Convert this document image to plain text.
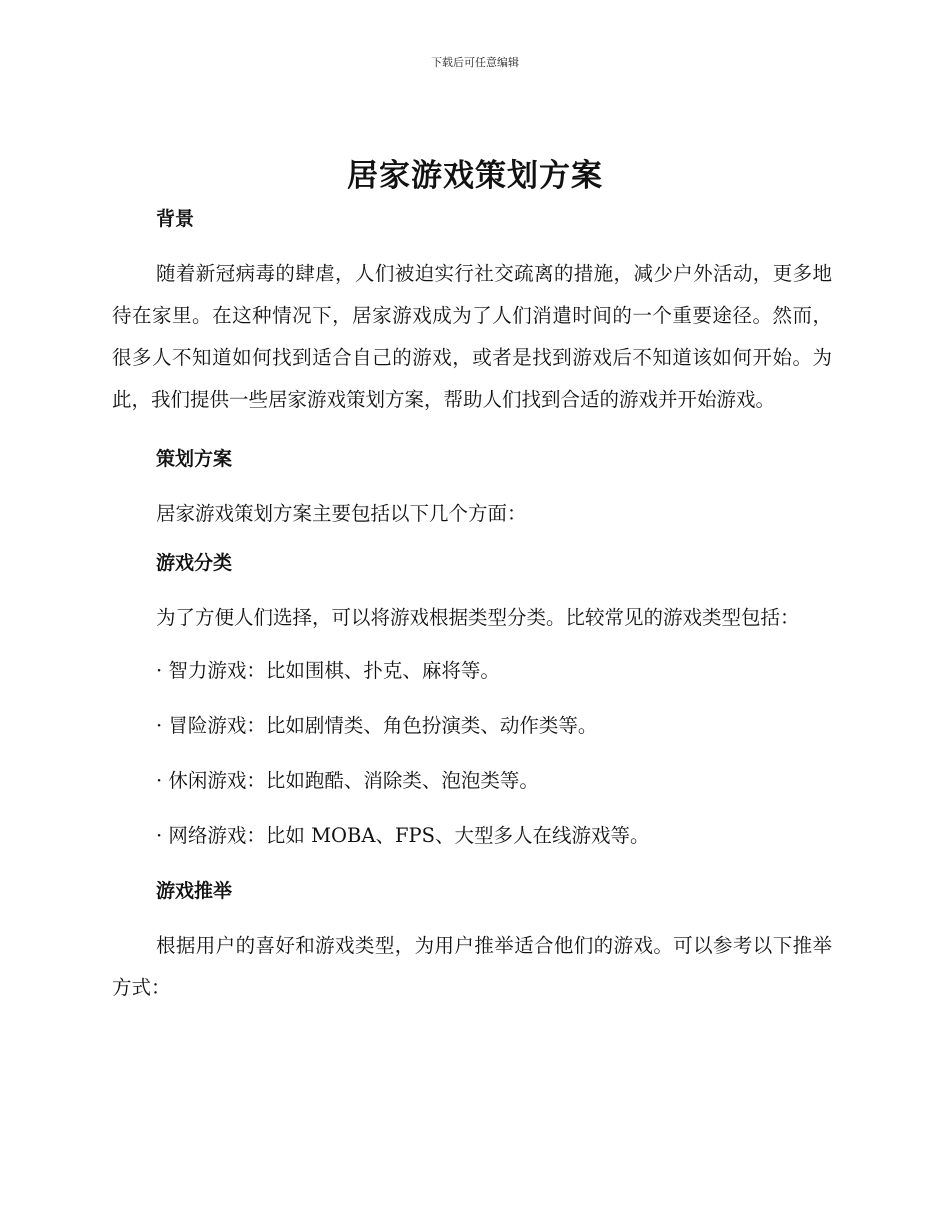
下载后可任意编辑
居家游戏策划方案
背景
随着新冠病毒的肆虐，人们被迫实行社交疏离的措施，减少户外活动，更多地待在家里。在这种情况下，居家游戏成为了人们消遣时间的一个重要途径。然而，很多人不知道如何找到适合自己的游戏，或者是找到游戏后不知道该如何开始。为此，我们提供一些居家游戏策划方案，帮助人们找到合适的游戏并开始游戏。
策划方案
居家游戏策划方案主要包括以下几个方面：
游戏分类
为了方便人们选择，可以将游戏根据类型分类。比较常见的游戏类型包括：
· 智力游戏：比如围棋、扑克、麻将等。
· 冒险游戏：比如剧情类、角色扮演类、动作类等。
· 休闲游戏：比如跑酷、消除类、泡泡类等。
· 网络游戏：比如 MOBA、FPS、大型多人在线游戏等。
游戏推举
根据用户的喜好和游戏类型，为用户推举适合他们的游戏。可以参考以下推举方式：
